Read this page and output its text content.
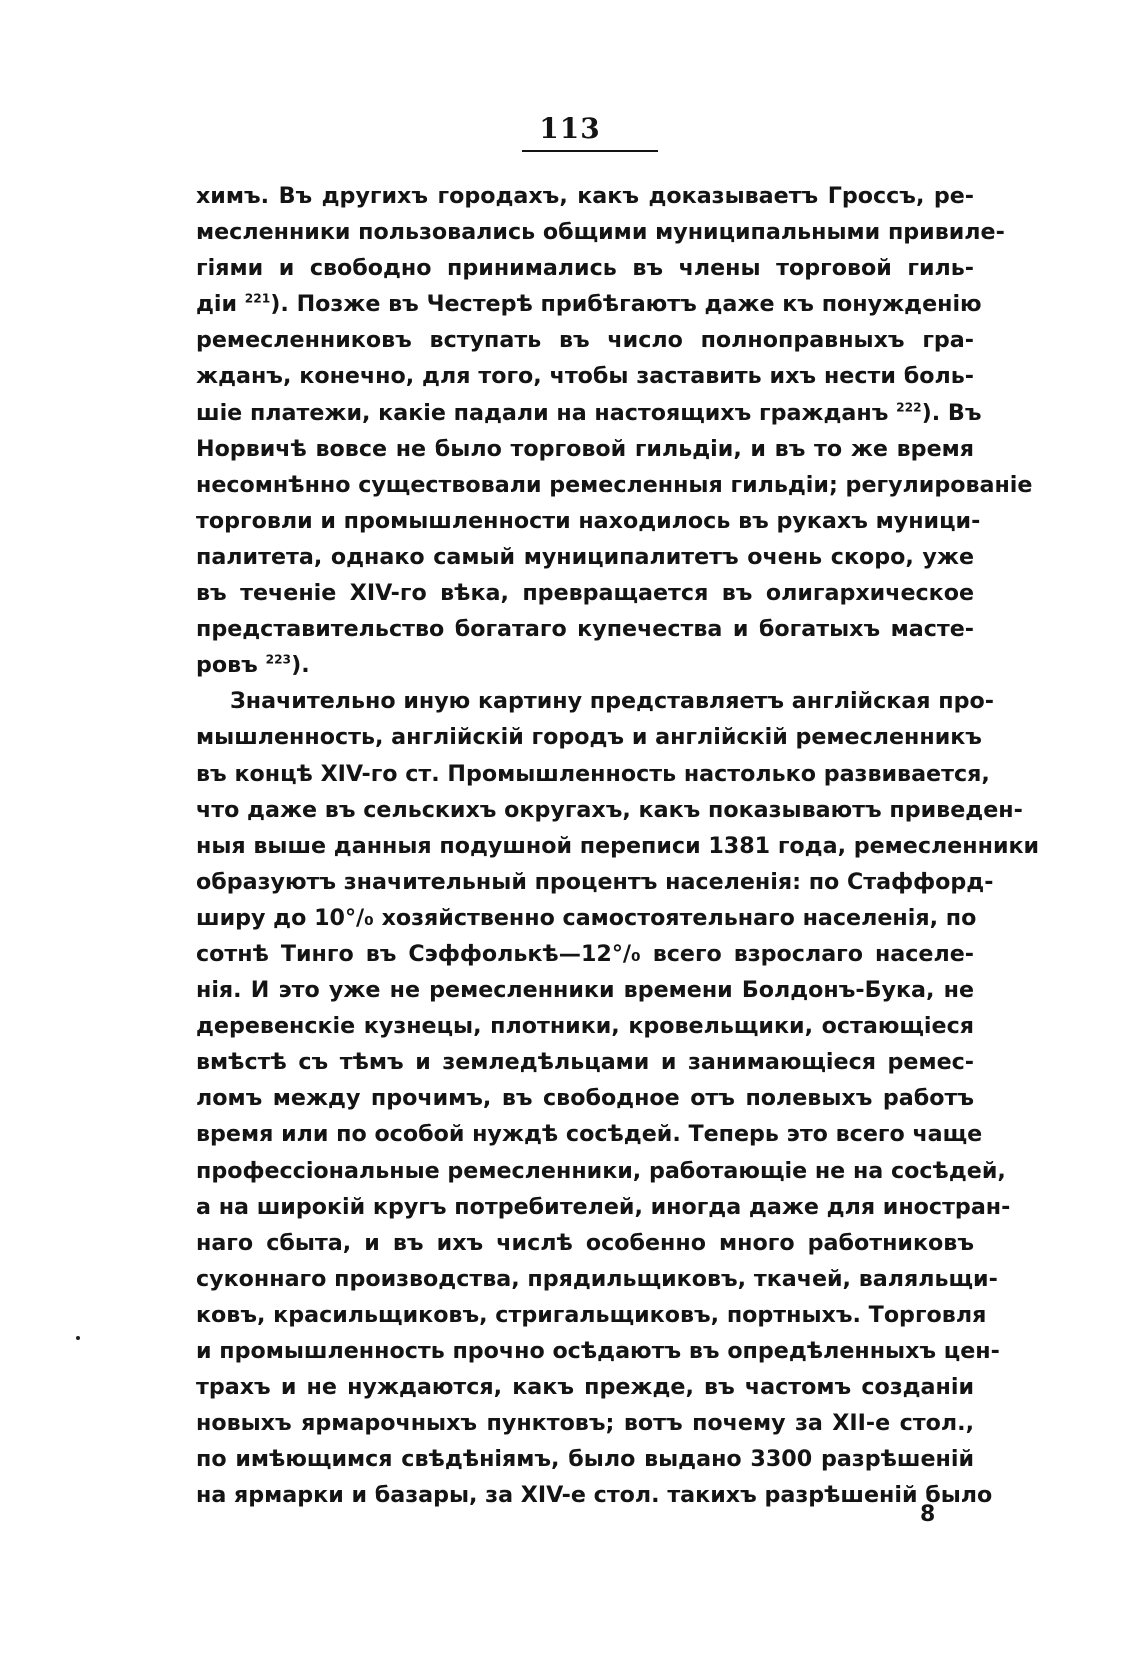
113
химъ. Въ другихъ городахъ, какъ доказываетъ Гроссъ, ре-
месленники пользовались общими муниципальными привиле-
гіями и свободно принимались въ члены торговой гиль-
діи $^{221}$). Позже въ Честерѣ прибѣгаютъ даже къ понужденію
ремесленниковъ вступать въ число полноправныхъ гра-
жданъ, конечно, для того, чтобы заставить ихъ нести боль-
шіе платежи, какіе падали на настоящихъ гражданъ $^{222}$). Въ
Норвичѣ вовсе не было торговой гильдіи, и въ то же время
несомнѣнно существовали ремесленныя гильдіи; регулированіе
торговли и промышленности находилось въ рукахъ муници-
палитета, однако самый муниципалитетъ очень скоро, уже
въ теченіе XIV-го вѣка, превращается въ олигархическое
представительство богатаго купечества и богатыхъ масте-
ровъ $^{223}$).
Значительно иную картину представляетъ англійская про-
мышленность, англійскій городъ и англійскій ремесленникъ
въ концѣ XIV-го ст. Промышленность настолько развивается,
что даже въ сельскихъ округахъ, какъ показываютъ приведен-
ныя выше данныя подушной переписи 1381 года, ремесленники
образуютъ значительный процентъ населенія: по Стаффорд-
ширу до 10°/₀ хозяйственно самостоятельнаго населенія, по
сотнѣ Тинго въ Сэффолькѣ—12°/₀ всего взрослаго населе-
нія. И это уже не ремесленники времени Болдонъ-Бука, не
деревенскіе кузнецы, плотники, кровельщики, остающіеся
вмѣстѣ съ тѣмъ и земледѣльцами и занимающіеся ремес-
ломъ между прочимъ, въ свободное отъ полевыхъ работъ
время или по особой нуждѣ сосѣдей. Теперь это всего чаще
профессіональные ремесленники, работающіе не на сосѣдей,
а на широкій кругъ потребителей, иногда даже для иностран-
наго сбыта, и въ ихъ числѣ особенно много работниковъ
суконнаго производства, прядильщиковъ, ткачей, валяльщи-
ковъ, красильщиковъ, стригальщиковъ, портныхъ. Торговля
и промышленность прочно осѣдаютъ въ опредѣленныхъ цен-
трахъ и не нуждаются, какъ прежде, въ частомъ созданіи
новыхъ ярмарочныхъ пунктовъ; вотъ почему за XII-е стол.,
по имѣющимся свѣдѣніямъ, было выдано 3300 разрѣшеній
на ярмарки и базары, за XIV-е стол. такихъ разрѣшеній было
8
